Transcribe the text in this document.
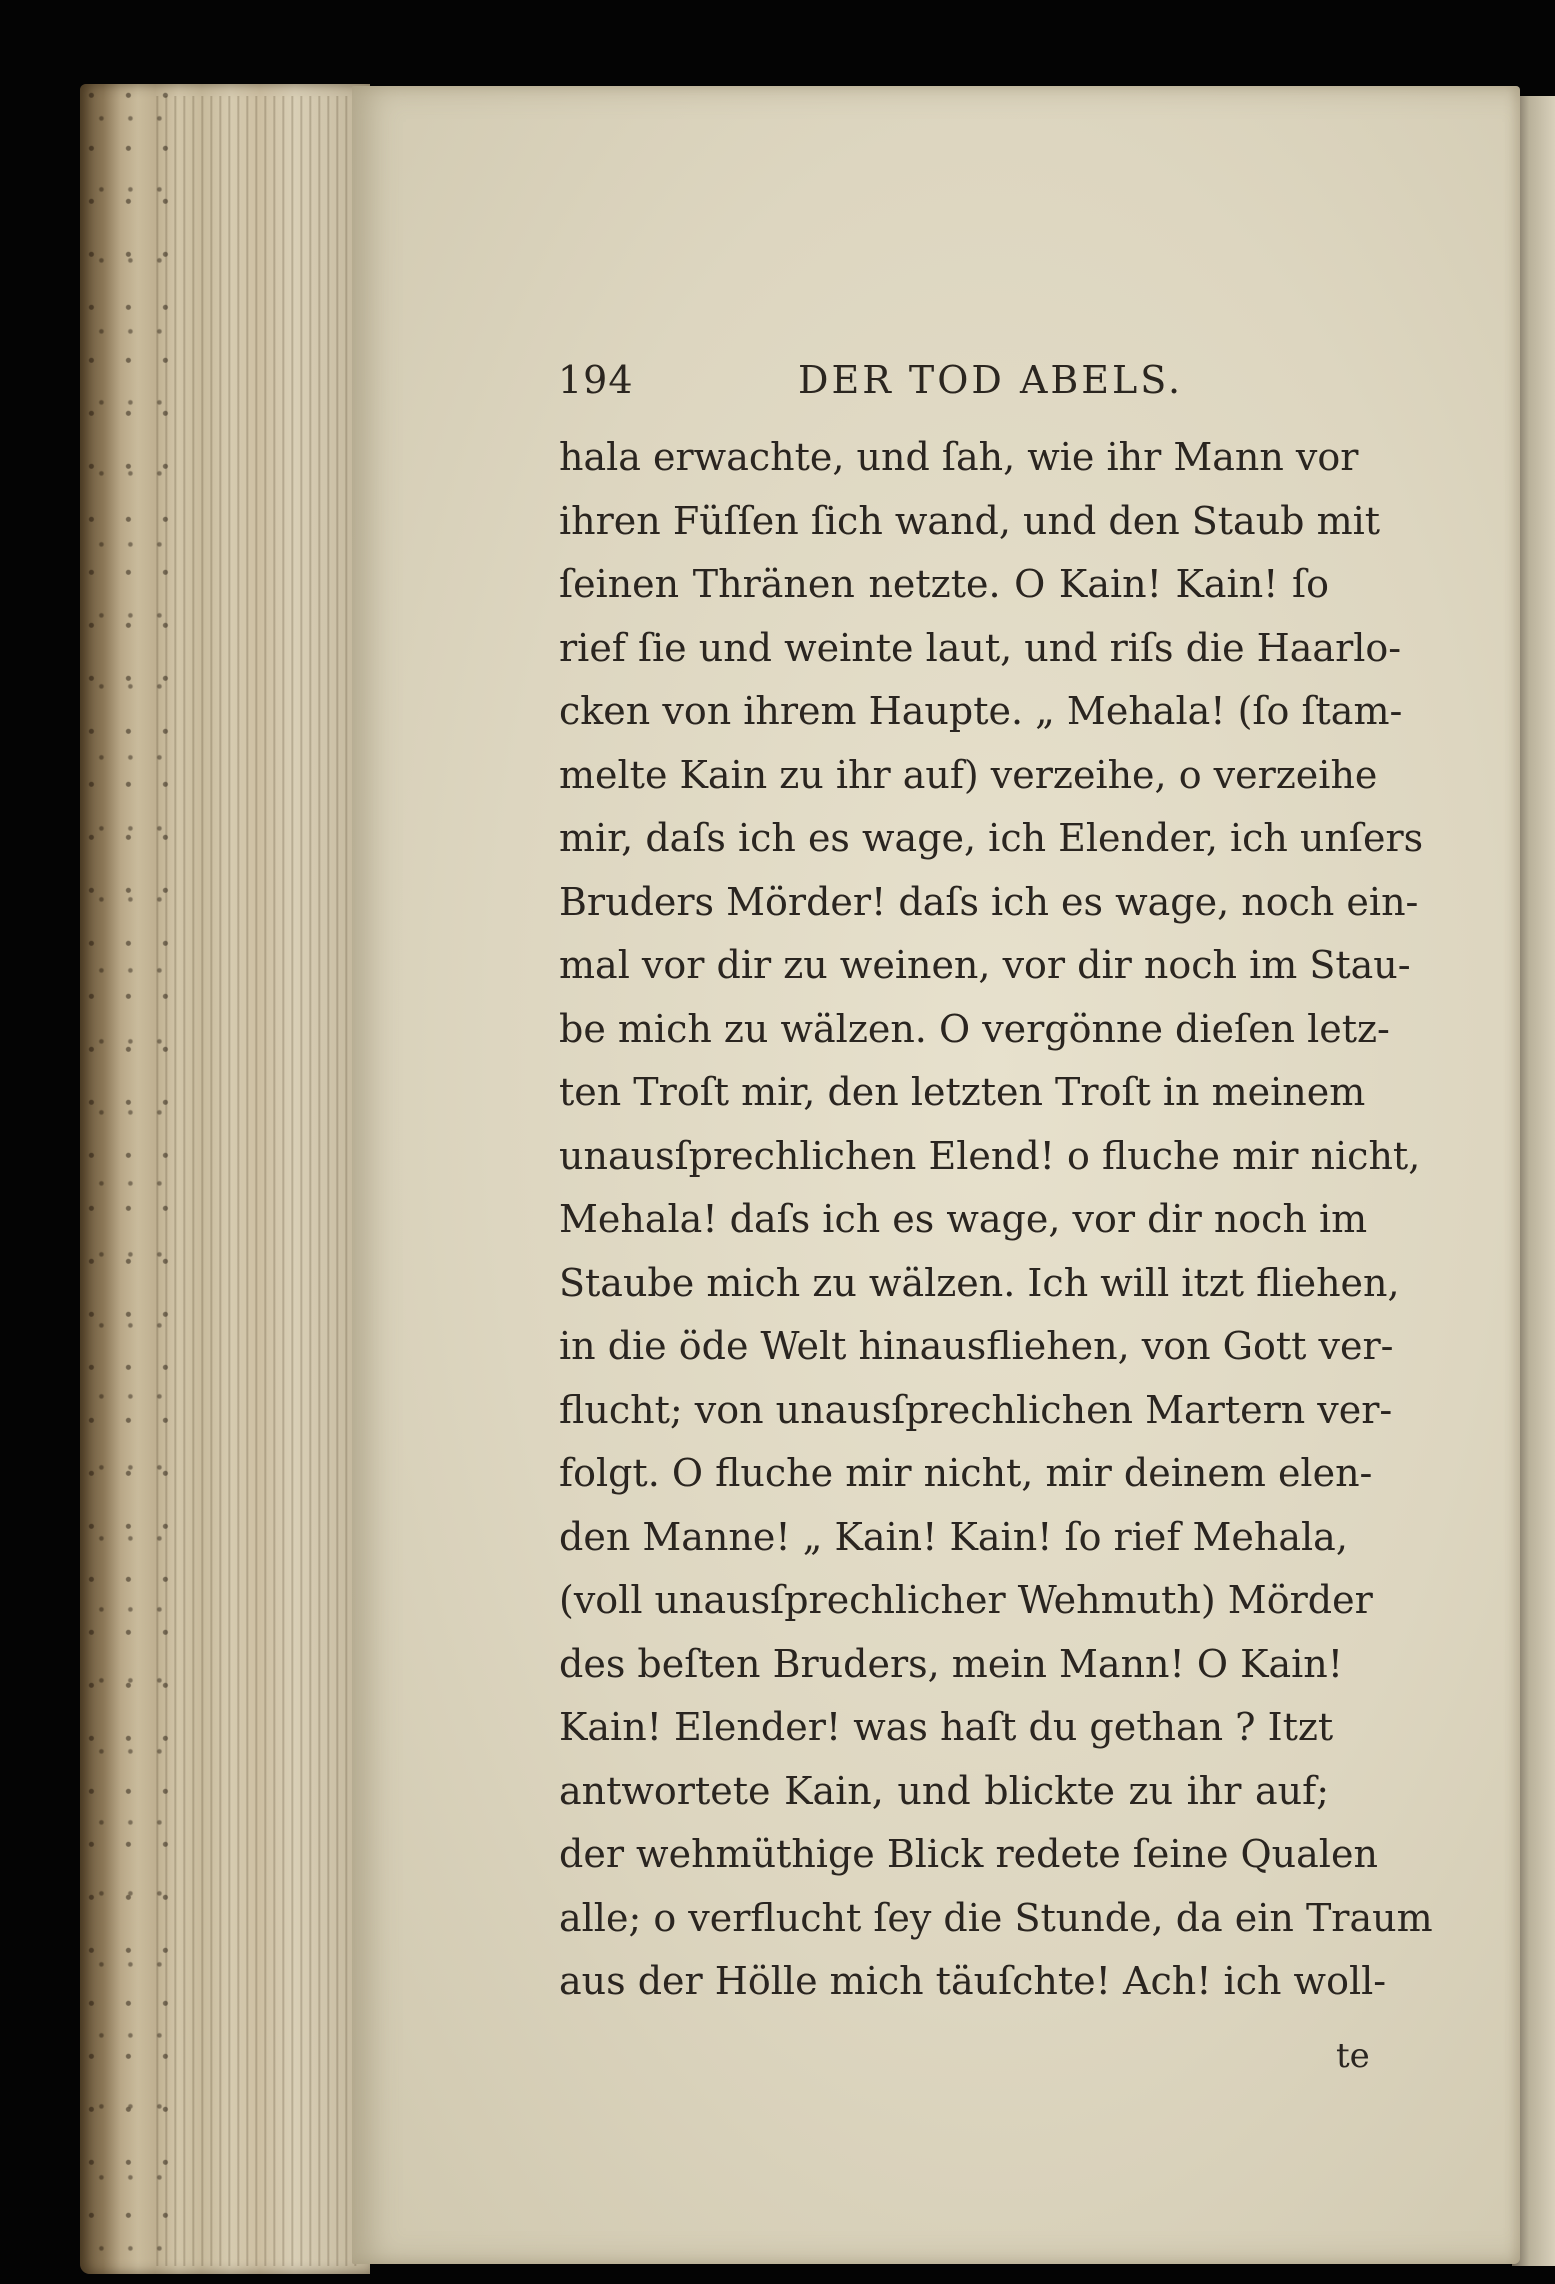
194	DER TOD ABELS.
hala erwachte, und ſah, wie ihr Mann vor
ihren Füſſen ſich wand, und den Staub mit
ſeinen Thränen netzte. O Kain! Kain! ſo
rief ſie und weinte laut, und riſs die Haarlo-
cken von ihrem Haupte. „ Mehala! (ſo ſtam-
melte Kain zu ihr auf) verzeihe, o verzeihe
mir, daſs ich es wage, ich Elender, ich unſers
Bruders Mörder! daſs ich es wage, noch ein-
mal vor dir zu weinen, vor dir noch im Stau-
be mich zu wälzen. O vergönne dieſen letz-
ten Troſt mir, den letzten Troſt in meinem
unausſprechlichen Elend! o fluche mir nicht,
Mehala! daſs ich es wage, vor dir noch im
Staube mich zu wälzen. Ich will itzt fliehen,
in die öde Welt hinausfliehen, von Gott ver-
flucht; von unausſprechlichen Martern ver-
folgt. O fluche mir nicht, mir deinem elen-
den Manne! „ Kain! Kain! ſo rief Mehala,
(voll unausſprechlicher Wehmuth) Mörder
des beſten Bruders, mein Mann! O Kain!
Kain! Elender! was haſt du gethan ? Itzt
antwortete Kain, und blickte zu ihr auf;
der wehmüthige Blick redete ſeine Qualen
alle; o verflucht ſey die Stunde, da ein Traum
aus der Hölle mich täuſchte! Ach! ich woll-
te
